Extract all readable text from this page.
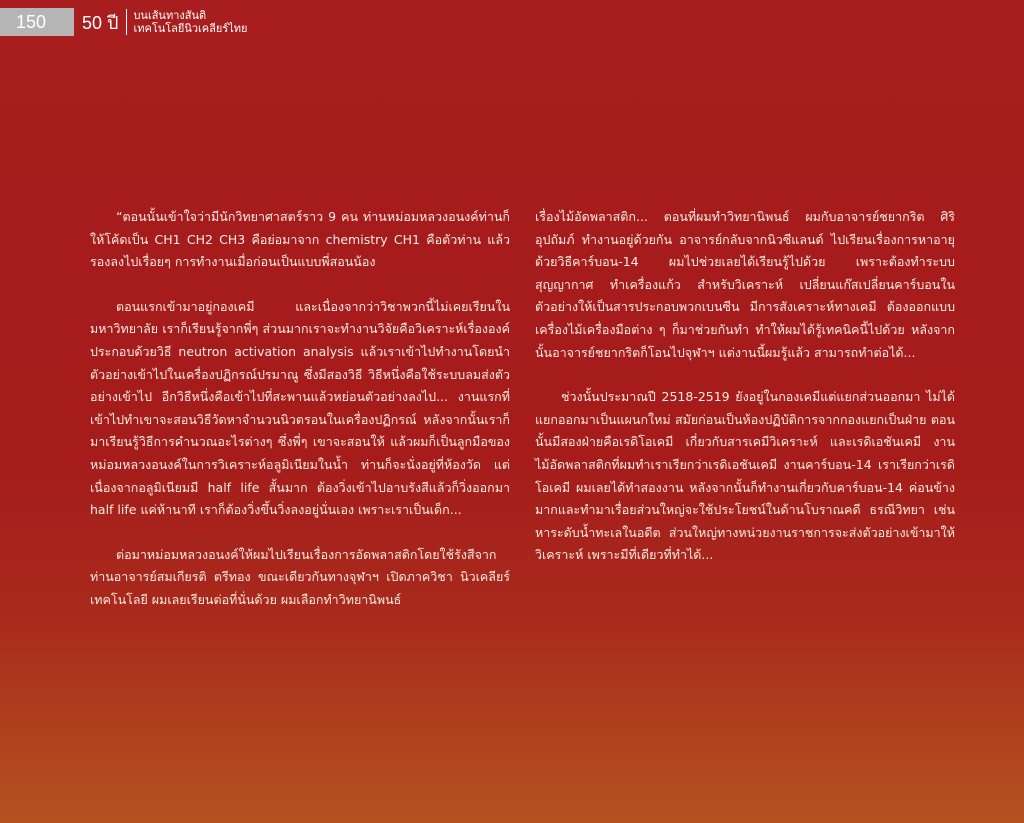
150	50 ปี บนเส้นทางสันติ
เทคโนโลยีนิวเคลียร์ไทย

“ตอนนั้นเข้าใจว่ามีนักวิทยาศาสตร์ราว 9 คน ท่านหม่อมหลวงอนงค์ท่านก็ให้โค้ดเป็น CH1 CH2 CH3 คือย่อมาจาก chemistry CH1 คือตัวท่าน แล้วรองลงไปเรื่อยๆ การทำงานเมื่อก่อนเป็นแบบพี่สอนน้อง

ตอนแรกเข้ามาอยู่กองเคมี และเนื่องจากว่าวิชาพวกนี้ไม่เคยเรียนในมหาวิทยาลัย เราก็เรียนรู้จากพี่ๆ ส่วนมากเราจะทำงานวิจัยคือวิเคราะห์เรื่ององค์ประกอบด้วยวิธี neutron activation analysis แล้วเราเข้าไปทำงานโดยนำตัวอย่างเข้าไปในเครื่องปฏิกรณ์ปรมาณู ซึ่งมีสองวิธี วิธีหนึ่งคือใช้ระบบลมส่งตัวอย่างเข้าไป อีกวิธีหนึ่งคือเข้าไปที่สะพานแล้วหย่อนตัวอย่างลงไป... งานแรกที่เข้าไปทำเขาจะสอนวิธีวัดหาจำนวนนิวตรอนในเครื่องปฏิกรณ์ หลังจากนั้นเราก็มาเรียนรู้วิธีการคำนวณอะไรต่างๆ ซึ่งพี่ๆ เขาจะสอนให้ แล้วผมก็เป็นลูกมือของหม่อมหลวงอนงค์ในการวิเคราะห์อลูมิเนียมในน้ำ ท่านก็จะนั่งอยู่ที่ห้องวัด แต่เนื่องจากอลูมิเนียมมี half life สั้นมาก ต้องวิ่งเข้าไปอาบรังสีแล้วก็วิ่งออกมา half life แค่ห้านาที เราก็ต้องวิ่งขึ้นวิ่งลงอยู่นั่นเอง เพราะเราเป็นเด็ก...

ต่อมาหม่อมหลวงอนงค์ให้ผมไปเรียนเรื่องการอัดพลาสติกโดยใช้รังสีจากท่านอาจารย์สมเกียรติ ตรีทอง ขณะเดียวกันทางจุฬาฯ เปิดภาควิชา นิวเคลียร์เทคโนโลยี ผมเลยเรียนต่อที่นั่นด้วย ผมเลือกทำวิทยานิพนธ์

เรื่องไม้อัดพลาสติก... ตอนที่ผมทำวิทยานิพนธ์ ผมกับอาจารย์ชยากริต ศิริอุปถัมภ์ ทำงานอยู่ด้วยกัน อาจารย์กลับจากนิวซีแลนด์ ไปเรียนเรื่องการหาอายุด้วยวิธีคาร์บอน-14 ผมไปช่วยเลยได้เรียนรู้ไปด้วย เพราะต้องทำระบบสุญญากาศ ทำเครื่องแก้ว สำหรับวิเคราะห์ เปลี่ยนแก๊สเปลี่ยนคาร์บอนในตัวอย่างให้เป็นสารประกอบพวกเบนซีน มีการสังเคราะห์ทางเคมี ต้องออกแบบเครื่องไม้เครื่องมือต่าง ๆ ก็มาช่วยกันทำ ทำให้ผมได้รู้เทคนิคนี้ไปด้วย หลังจากนั้นอาจารย์ชยากริตก็โอนไปจุฬาฯ แต่งานนี้ผมรู้แล้ว สามารถทำต่อได้...

ช่วงนั้นประมาณปี 2518-2519 ยังอยู่ในกองเคมีแต่แยกส่วนออกมา ไม่ได้แยกออกมาเป็นแผนกใหม่ สมัยก่อนเป็นห้องปฏิบัติการจากกองแยกเป็นฝ่าย ตอนนั้นมีสองฝ่ายคือเรดิโอเคมี เกี่ยวกับสารเคมีวิเคราะห์ และเรดิเอชันเคมี งานไม้อัดพลาสติกที่ผมทำเราเรียกว่าเรดิเอชันเคมี งานคาร์บอน-14 เราเรียกว่าเรดิโอเคมี ผมเลยได้ทำสองงาน หลังจากนั้นก็ทำงานเกี่ยวกับคาร์บอน-14 ค่อนข้างมากและทำมาเรื่อยส่วนใหญ่จะใช้ประโยชน์ในด้านโบราณคดี ธรณีวิทยา เช่น หาระดับน้ำทะเลในอดีต ส่วนใหญ่ทางหน่วยงานราชการจะส่งตัวอย่างเข้ามาให้วิเคราะห์ เพราะมีที่เดียวที่ทำได้...
